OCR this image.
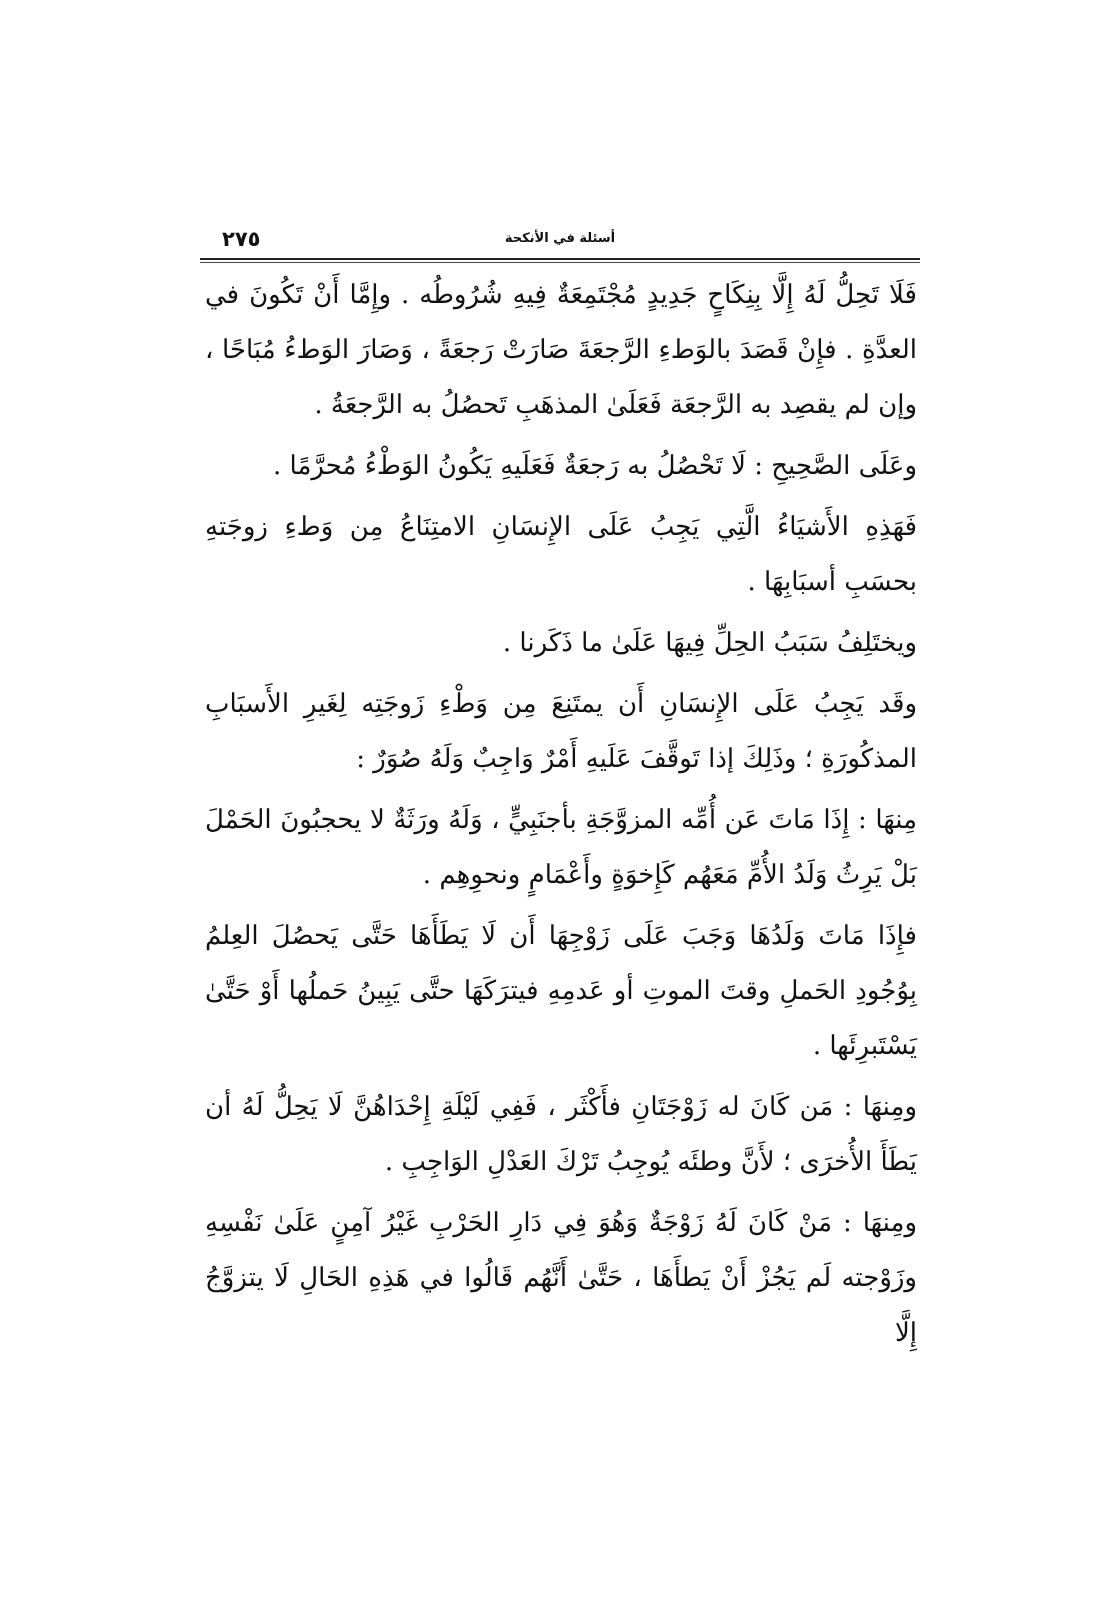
أسئلة في الأنكحة
٢٧٥

فَلَا تَحِلُّ لَهُ إِلَّا بِنِكَاحٍ جَدِيدٍ مُجْتَمِعَةٌ فِيهِ شُرُوطُه . وإِمَّا أَنْ تَكُونَ في العدَّةِ . فإِنْ قَصَدَ بالوَطءِ الرَّجعَةَ صَارَتْ رَجعَةً ، وَصَارَ الوَطءُ مُبَاحًا ، وإن لم يقصِد به الرَّجعَة فَعَلَىٰ المذهَبِ تَحصُلُ به الرَّجعَةُ .

وعَلَى الصَّحِيحِ : لَا تَحْصُلُ به رَجعَةٌ فَعَلَيهِ يَكُونُ الوَطْءُ مُحرَّمًا .

فَهَذِهِ الأَشيَاءُ الَّتِي يَجِبُ عَلَى الإِنسَانِ الامتِنَاعُ مِن وَطءِ زوجَتهِ بحسَبِ أسبَابِهَا .

ويختَلِفُ سَبَبُ الحِلِّ فِيهَا عَلَىٰ ما ذَكَرنا .

وقَد يَجِبُ عَلَى الإِنسَانِ أَن يمتَنِعَ مِن وَطْءِ زَوجَتِه لِغَيرِ الأَسبَابِ المذكُورَةِ ؛ وذَلِكَ إذا تَوقَّفَ عَلَيهِ أَمْرٌ وَاجِبٌ وَلَهُ صُوَرٌ :

مِنهَا : إِذَا مَاتَ عَن أُمِّه المزوَّجَةِ بأجنَبِيٍّ ، وَلَهُ ورَثَةٌ لا يحجبُونَ الحَمْلَ بَلْ يَرِثُ وَلَدُ الأُمِّ مَعَهُم كَإِخوَةٍ وأَعْمَامٍ ونحوِهِم .

فإِذَا مَاتَ وَلَدُهَا وَجَبَ عَلَى زَوْجِهَا أَن لَا يَطَأَهَا حَتَّى يَحصُلَ العِلمُ بِوُجُودِ الحَملِ وقتَ الموتِ أو عَدمِهِ فيترَكَهَا حتَّى يَبِينُ حَملُها أَوْ حَتَّىٰ يَسْتَبرِئَها .

ومِنهَا : مَن كَانَ له زَوْجَتَانِ فأَكْثَر ، فَفِي لَيْلَةِ إِحْدَاهُنَّ لَا يَحِلُّ لَهُ أن يَطَأَ الأُخرَى ؛ لأَنَّ وطئَه يُوجِبُ تَرْكَ العَدْلِ الوَاجِبِ .

ومِنهَا : مَنْ كَانَ لَهُ زَوْجَةٌ وَهُوَ فِي دَارِ الحَرْبِ غَيْرُ آمِنٍ عَلَىٰ نَفْسِهِ وزَوْجته لَم يَجُزْ أَنْ يَطأَهَا ، حَتَّىٰ أَنَّهُم قَالُوا في هَذِهِ الحَالِ لَا يتزوَّجُ إِلَّا
